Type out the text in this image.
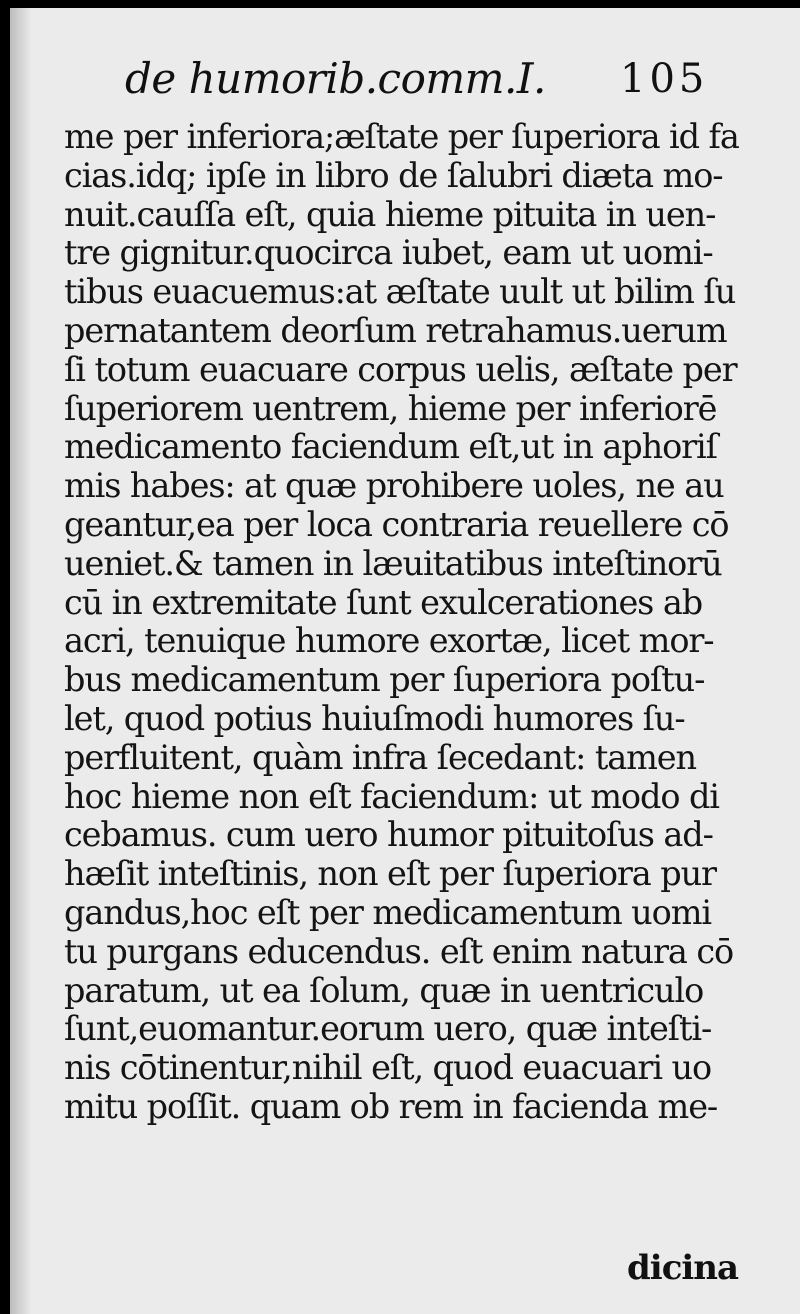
de humorib.comm.I. 105
me per inferiora;æſtate per ſuperiora id fa
cias.idq; ipſe in libro de ſalubri diæta mo-
nuit.cauſſa eſt, quia hieme pituita in uen-
tre gignitur.quocirca iubet, eam ut uomi-
tibus euacuemus:at æſtate uult ut bilim ſu
pernatantem deorſum retrahamus.uerum
ſi totum euacuare corpus uelis, æſtate per
ſuperiorem uentrem, hieme per inferiorē
medicamento faciendum eſt,ut in aphoriſ
mis habes: at quæ prohibere uoles, ne au
geantur,ea per loca contraria reuellere cō
ueniet.& tamen in læuitatibus inteſtinorū
cū in extremitate ſunt exulcerationes ab
acri, tenuique humore exortæ, licet mor-
bus medicamentum per ſuperiora poſtu-
let, quod potius huiuſmodi humores ſu-
perfluitent, quàm infra ſecedant: tamen
hoc hieme non eſt faciendum: ut modo di
cebamus. cum uero humor pituitoſus ad-
hæſit inteſtinis, non eſt per ſuperiora pur
gandus,hoc eſt per medicamentum uomi
tu purgans educendus. eſt enim natura cō
paratum, ut ea ſolum, quæ in uentriculo
ſunt,euomantur.eorum uero, quæ inteſti-
nis cōtinentur,nihil eſt, quod euacuari uo
mitu poſſit. quam ob rem in facienda me-
dicina
